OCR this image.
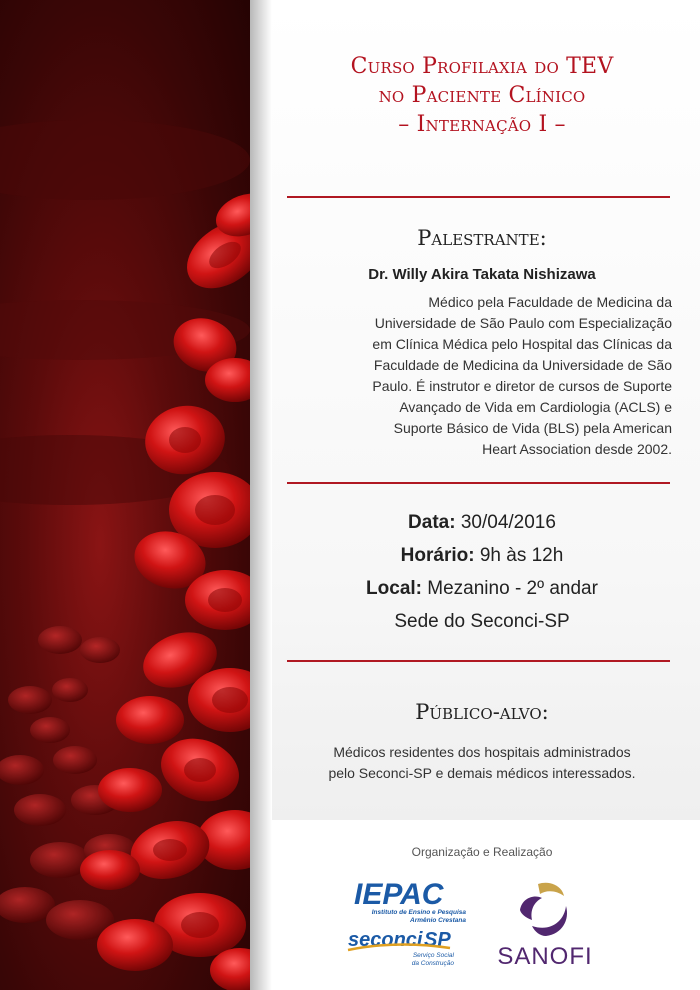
Curso Profilaxia do TEV
no Paciente Clínico
– Internação I –
Palestrante:
Dr. Willy Akira Takata Nishizawa
Médico pela Faculdade de Medicina da
Universidade de São Paulo com Especialização
em Clínica Médica pelo Hospital das Clínicas da
Faculdade de Medicina da Universidade de São
Paulo. É instrutor e diretor de cursos de Suporte
Avançado de Vida em Cardiologia (ACLS) e
Suporte Básico de Vida (BLS) pela American
Heart Association desde 2002.
Data: 30/04/2016
Horário: 9h às 12h
Local: Mezanino - 2º andar
Sede do Seconci-SP
Público-alvo:
Médicos residentes dos hospitais administrados
pelo Seconci-SP e demais médicos interessados.
Organização e Realização
IEPAC
Instituto de Ensino e Pesquisa
Armênio Crestana
seconci SP
Serviço Social
da Construção SANOFI
